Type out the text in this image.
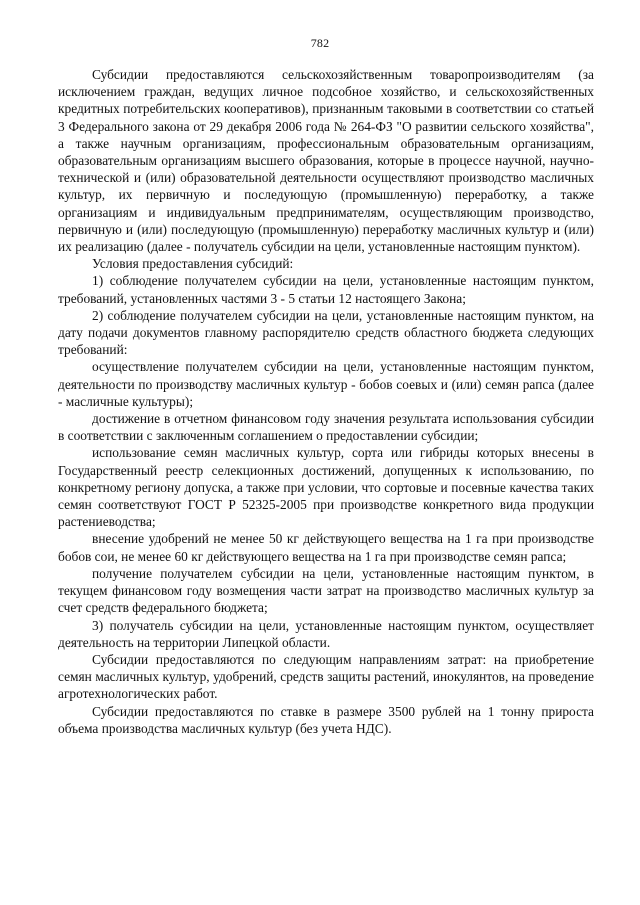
782

Субсидии предоставляются сельскохозяйственным товаропроизводителям (за исключением граждан, ведущих личное подсобное хозяйство, и сельскохозяйственных кредитных потребительских кооперативов), признанным таковыми в соответствии со статьей 3 Федерального закона от 29 декабря 2006 года № 264-ФЗ "О развитии сельского хозяйства", а также научным организациям, профессиональным образовательным организациям, образовательным организациям высшего образования, которые в процессе научной, научно-технической и (или) образовательной деятельности осуществляют производство масличных культур, их первичную и последующую (промышленную) переработку, а также организациям и индивидуальным предпринимателям, осуществляющим производство, первичную и (или) последующую (промышленную) переработку масличных культур и (или) их реализацию (далее - получатель субсидии на цели, установленные настоящим пунктом).

Условия предоставления субсидий:

1) соблюдение получателем субсидии на цели, установленные настоящим пунктом, требований, установленных частями 3 - 5 статьи 12 настоящего Закона;

2) соблюдение получателем субсидии на цели, установленные настоящим пунктом, на дату подачи документов главному распорядителю средств областного бюджета следующих требований:

осуществление получателем субсидии на цели, установленные настоящим пунктом, деятельности по производству масличных культур - бобов соевых и (или) семян рапса (далее - масличные культуры);

достижение в отчетном финансовом году значения результата использования субсидии в соответствии с заключенным соглашением о предоставлении субсидии;

использование семян масличных культур, сорта или гибриды которых внесены в Государственный реестр селекционных достижений, допущенных к использованию, по конкретному региону допуска, а также при условии, что сортовые и посевные качества таких семян соответствуют ГОСТ Р 52325-2005 при производстве конкретного вида продукции растениеводства;

внесение удобрений не менее 50 кг действующего вещества на 1 га при производстве бобов сои, не менее 60 кг действующего вещества на 1 га при производстве семян рапса;

получение получателем субсидии на цели, установленные настоящим пунктом, в текущем финансовом году возмещения части затрат на производство масличных культур за счет средств федерального бюджета;

3) получатель субсидии на цели, установленные настоящим пунктом, осуществляет деятельность на территории Липецкой области.

Субсидии предоставляются по следующим направлениям затрат: на приобретение семян масличных культур, удобрений, средств защиты растений, инокулянтов, на проведение агротехнологических работ.

Субсидии предоставляются по ставке в размере 3500 рублей на 1 тонну прироста объема производства масличных культур (без учета НДС).
